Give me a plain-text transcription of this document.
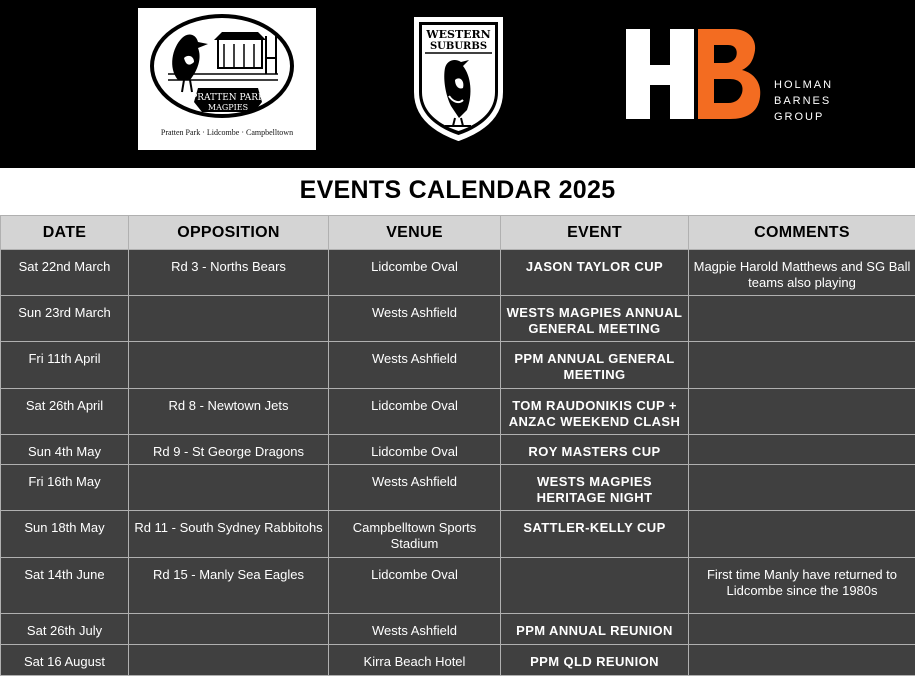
PRATTEN PARK
MAGPIES
Pratten Park · Lidcombe · Campbelltown
WESTERN
SUBURBS
HOLMAN
BARNES
GROUP
EVENTS CALENDAR 2025
DATE	OPPOSITION	VENUE	EVENT	COMMENTS
Sat 22nd March	Rd 3 - Norths Bears	Lidcombe Oval	JASON TAYLOR CUP	Magpie Harold Matthews and SG Ball teams also playing
Sun 23rd March		Wests Ashfield	WESTS MAGPIES ANNUAL GENERAL MEETING	
Fri 11th April		Wests Ashfield	PPM ANNUAL GENERAL MEETING	
Sat 26th April	Rd 8 - Newtown Jets	Lidcombe Oval	TOM RAUDONIKIS CUP + ANZAC WEEKEND CLASH	
Sun 4th May	Rd 9 - St George Dragons	Lidcombe Oval	ROY MASTERS CUP	
Fri 16th May		Wests Ashfield	WESTS MAGPIES HERITAGE NIGHT	
Sun 18th May	Rd 11 - South Sydney Rabbitohs	Campbelltown Sports Stadium	SATTLER-KELLY CUP	
Sat 14th June	Rd 15 - Manly Sea Eagles	Lidcombe Oval		First time Manly have returned to Lidcombe since the 1980s
Sat 26th July		Wests Ashfield	PPM ANNUAL REUNION	
Sat 16 August		Kirra Beach Hotel	PPM QLD REUNION	
